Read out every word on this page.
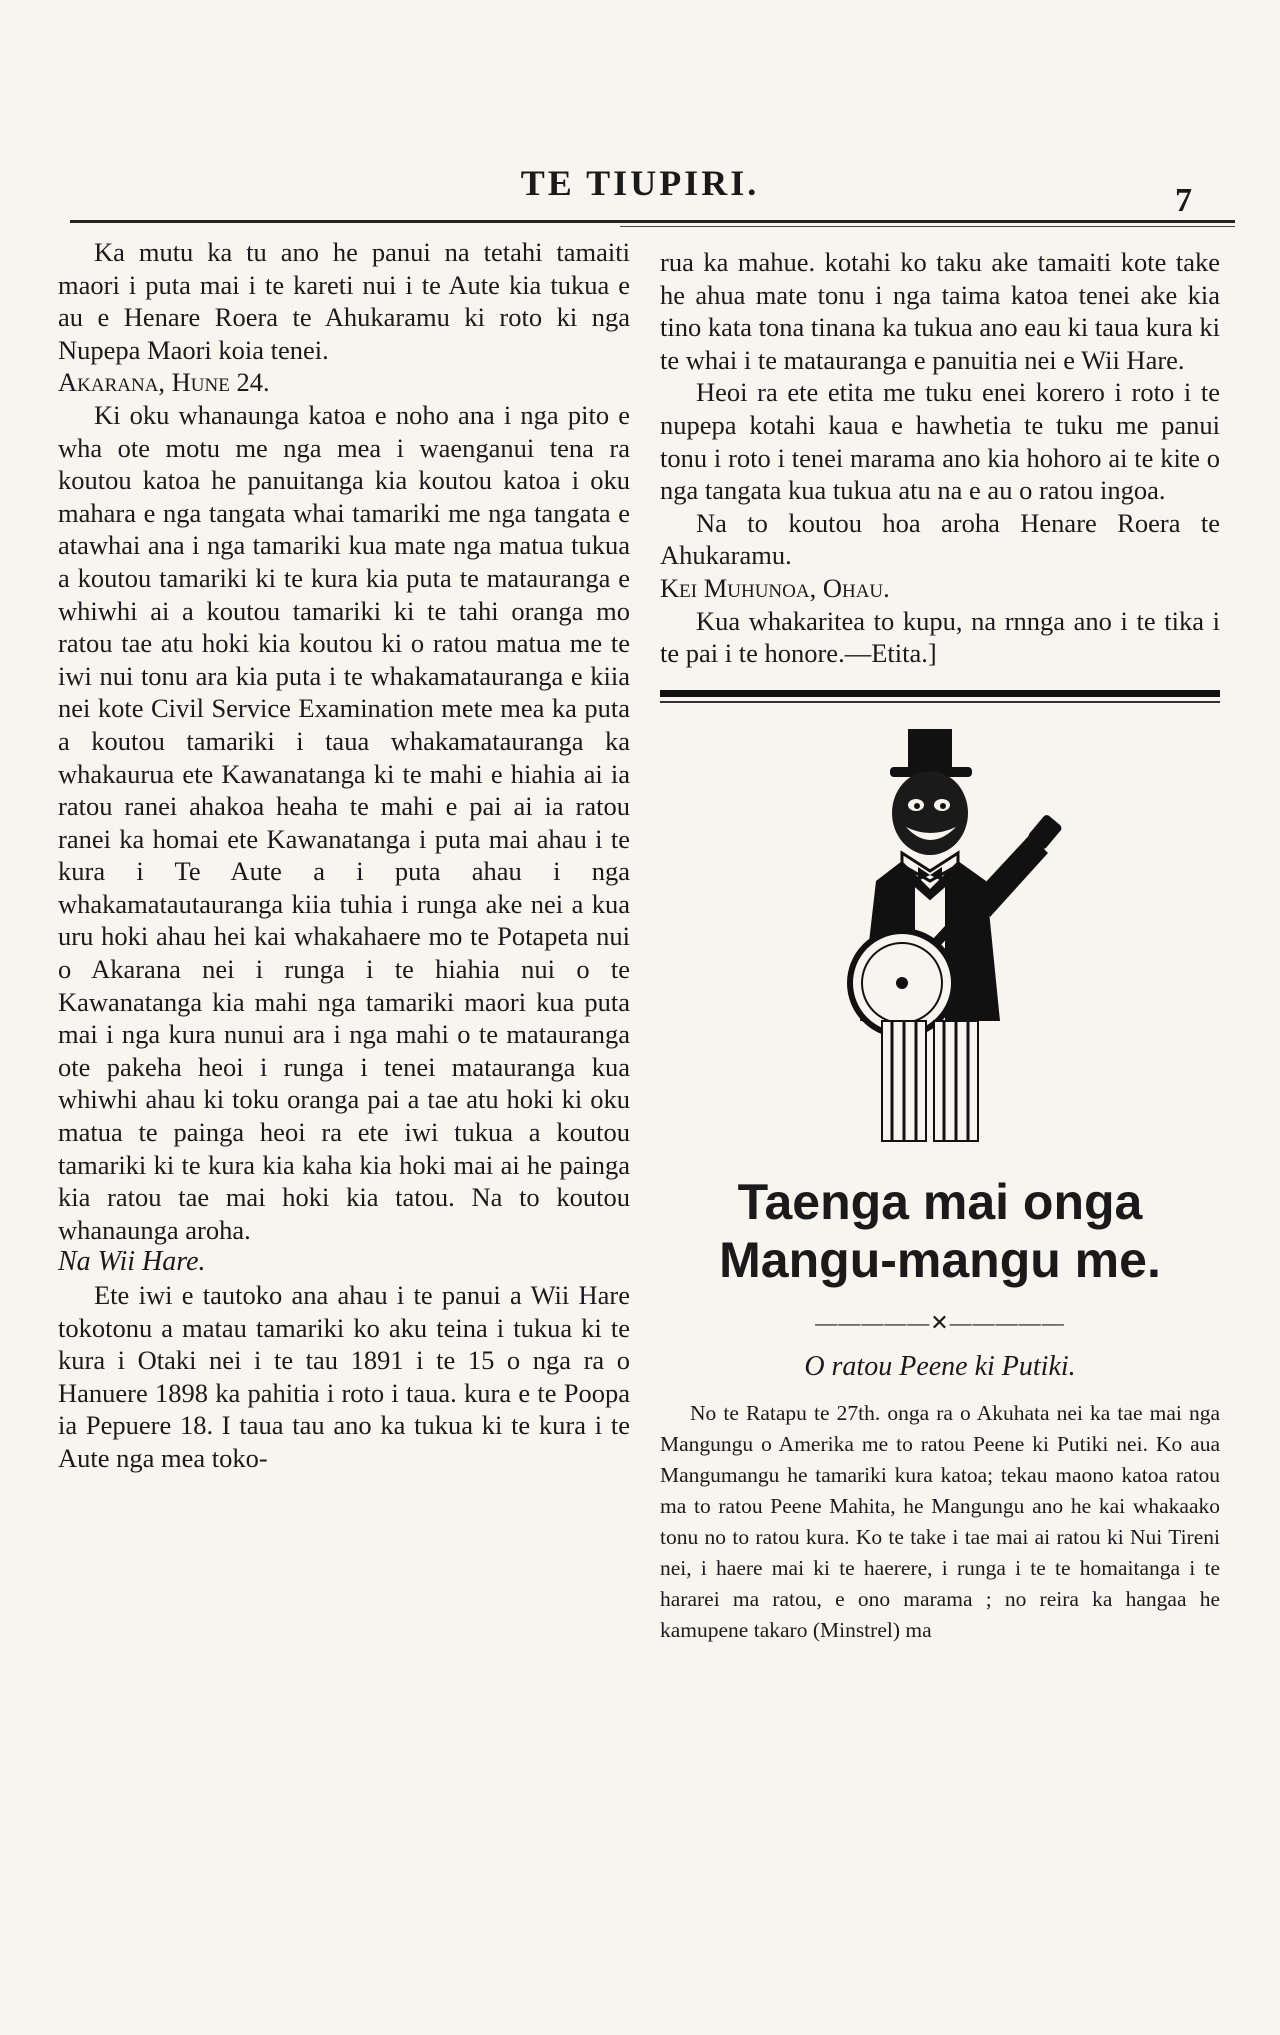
TE TIUPIRI.	7

Ka mutu ka tu ano he panui na tetahi tamaiti maori i puta mai i te kareti nui i te Aute kia tukua e au e Henare Roera te Ahukaramu ki roto ki nga Nupepa Maori koia tenei.

Akarana, Hune 24.

Ki oku whanaunga katoa e noho ana i nga pito e wha ote motu me nga mea i waenganui tena ra koutou katoa he panuitanga kia koutou katoa i oku mahara e nga tangata whai tamariki me nga tangata e atawhai ana i nga tamariki kua mate nga matua tukua a koutou tamariki ki te kura kia puta te matauranga e whiwhi ai a koutou tamariki ki te tahi oranga mo ratou tae atu hoki kia koutou ki o ratou matua me te iwi nui tonu ara kia puta i te whakamatauranga e kiia nei kote Civil Service Examination mete mea ka puta a koutou tamariki i taua whakamatauranga ka whakaurua ete Kawanatanga ki te mahi e hiahia ai ia ratou ranei ahakoa heaha te mahi e pai ai ia ratou ranei ka homai ete Kawanatanga i puta mai ahau i te kura i Te Aute a i puta ahau i nga whakamatautauranga kiia tuhia i runga ake nei a kua uru hoki ahau hei kai whakahaere mo te Potapeta nui o Akarana nei i runga i te hiahia nui o te Kawanatanga kia mahi nga tamariki maori kua puta mai i nga kura nunui ara i nga mahi o te matauranga ote pakeha heoi i runga i tenei matauranga kua whiwhi ahau ki toku oranga pai a tae atu hoki ki oku matua te painga heoi ra ete iwi tukua a koutou tamariki ki te kura kia kaha kia hoki mai ai he painga kia ratou tae mai hoki kia tatou. Na to koutou whanaunga aroha.

Na Wii Hare.

Ete iwi e tautoko ana ahau i te panui a Wii Hare tokotonu a matau tamariki ko aku teina i tukua ki te kura i Otaki nei i te tau 1891 i te 15 o nga ra o Hanuere 1898 ka pahitia i roto i taua. kura e te Poopa ia Pepuere 18. I taua tau ano ka tukua ki te kura i te Aute nga mea toko-

rua ka mahue. kotahi ko taku ake tamaiti kote take he ahua mate tonu i nga taima katoa tenei ake kia tino kata tona tinana ka tukua ano eau ki taua kura ki te whai i te matauranga e panuitia nei e Wii Hare.

Heoi ra ete etita me tuku enei korero i roto i te nupepa kotahi kaua e hawhetia te tuku me panui tonu i roto i tenei marama ano kia hohoro ai te kite o nga tangata kua tukua atu na e au o ratou ingoa.

Na to koutou hoa aroha Henare Roera te Ahukaramu.

Kei Muhunoa, Ohau.

Kua whakaritea to kupu, na rnnga ano i te tika i te pai i te honore.—Etita.]

Taenga mai onga Mangu-mangu me.
—————✕—————
O ratou Peene ki Putiki.

No te Ratapu te 27th. onga ra o Akuhata nei ka tae mai nga Mangungu o Amerika me to ratou Peene ki Putiki nei. Ko aua Mangumangu he tamariki kura katoa; tekau maono katoa ratou ma to ratou Peene Mahita, he Mangungu ano he kai whakaako tonu no to ratou kura. Ko te take i tae mai ai ratou ki Nui Tireni nei, i haere mai ki te haerere, i runga i te te homaitanga i te hararei ma ratou, e ono marama ; no reira ka hangaa he kamupene takaro (Minstrel) ma
